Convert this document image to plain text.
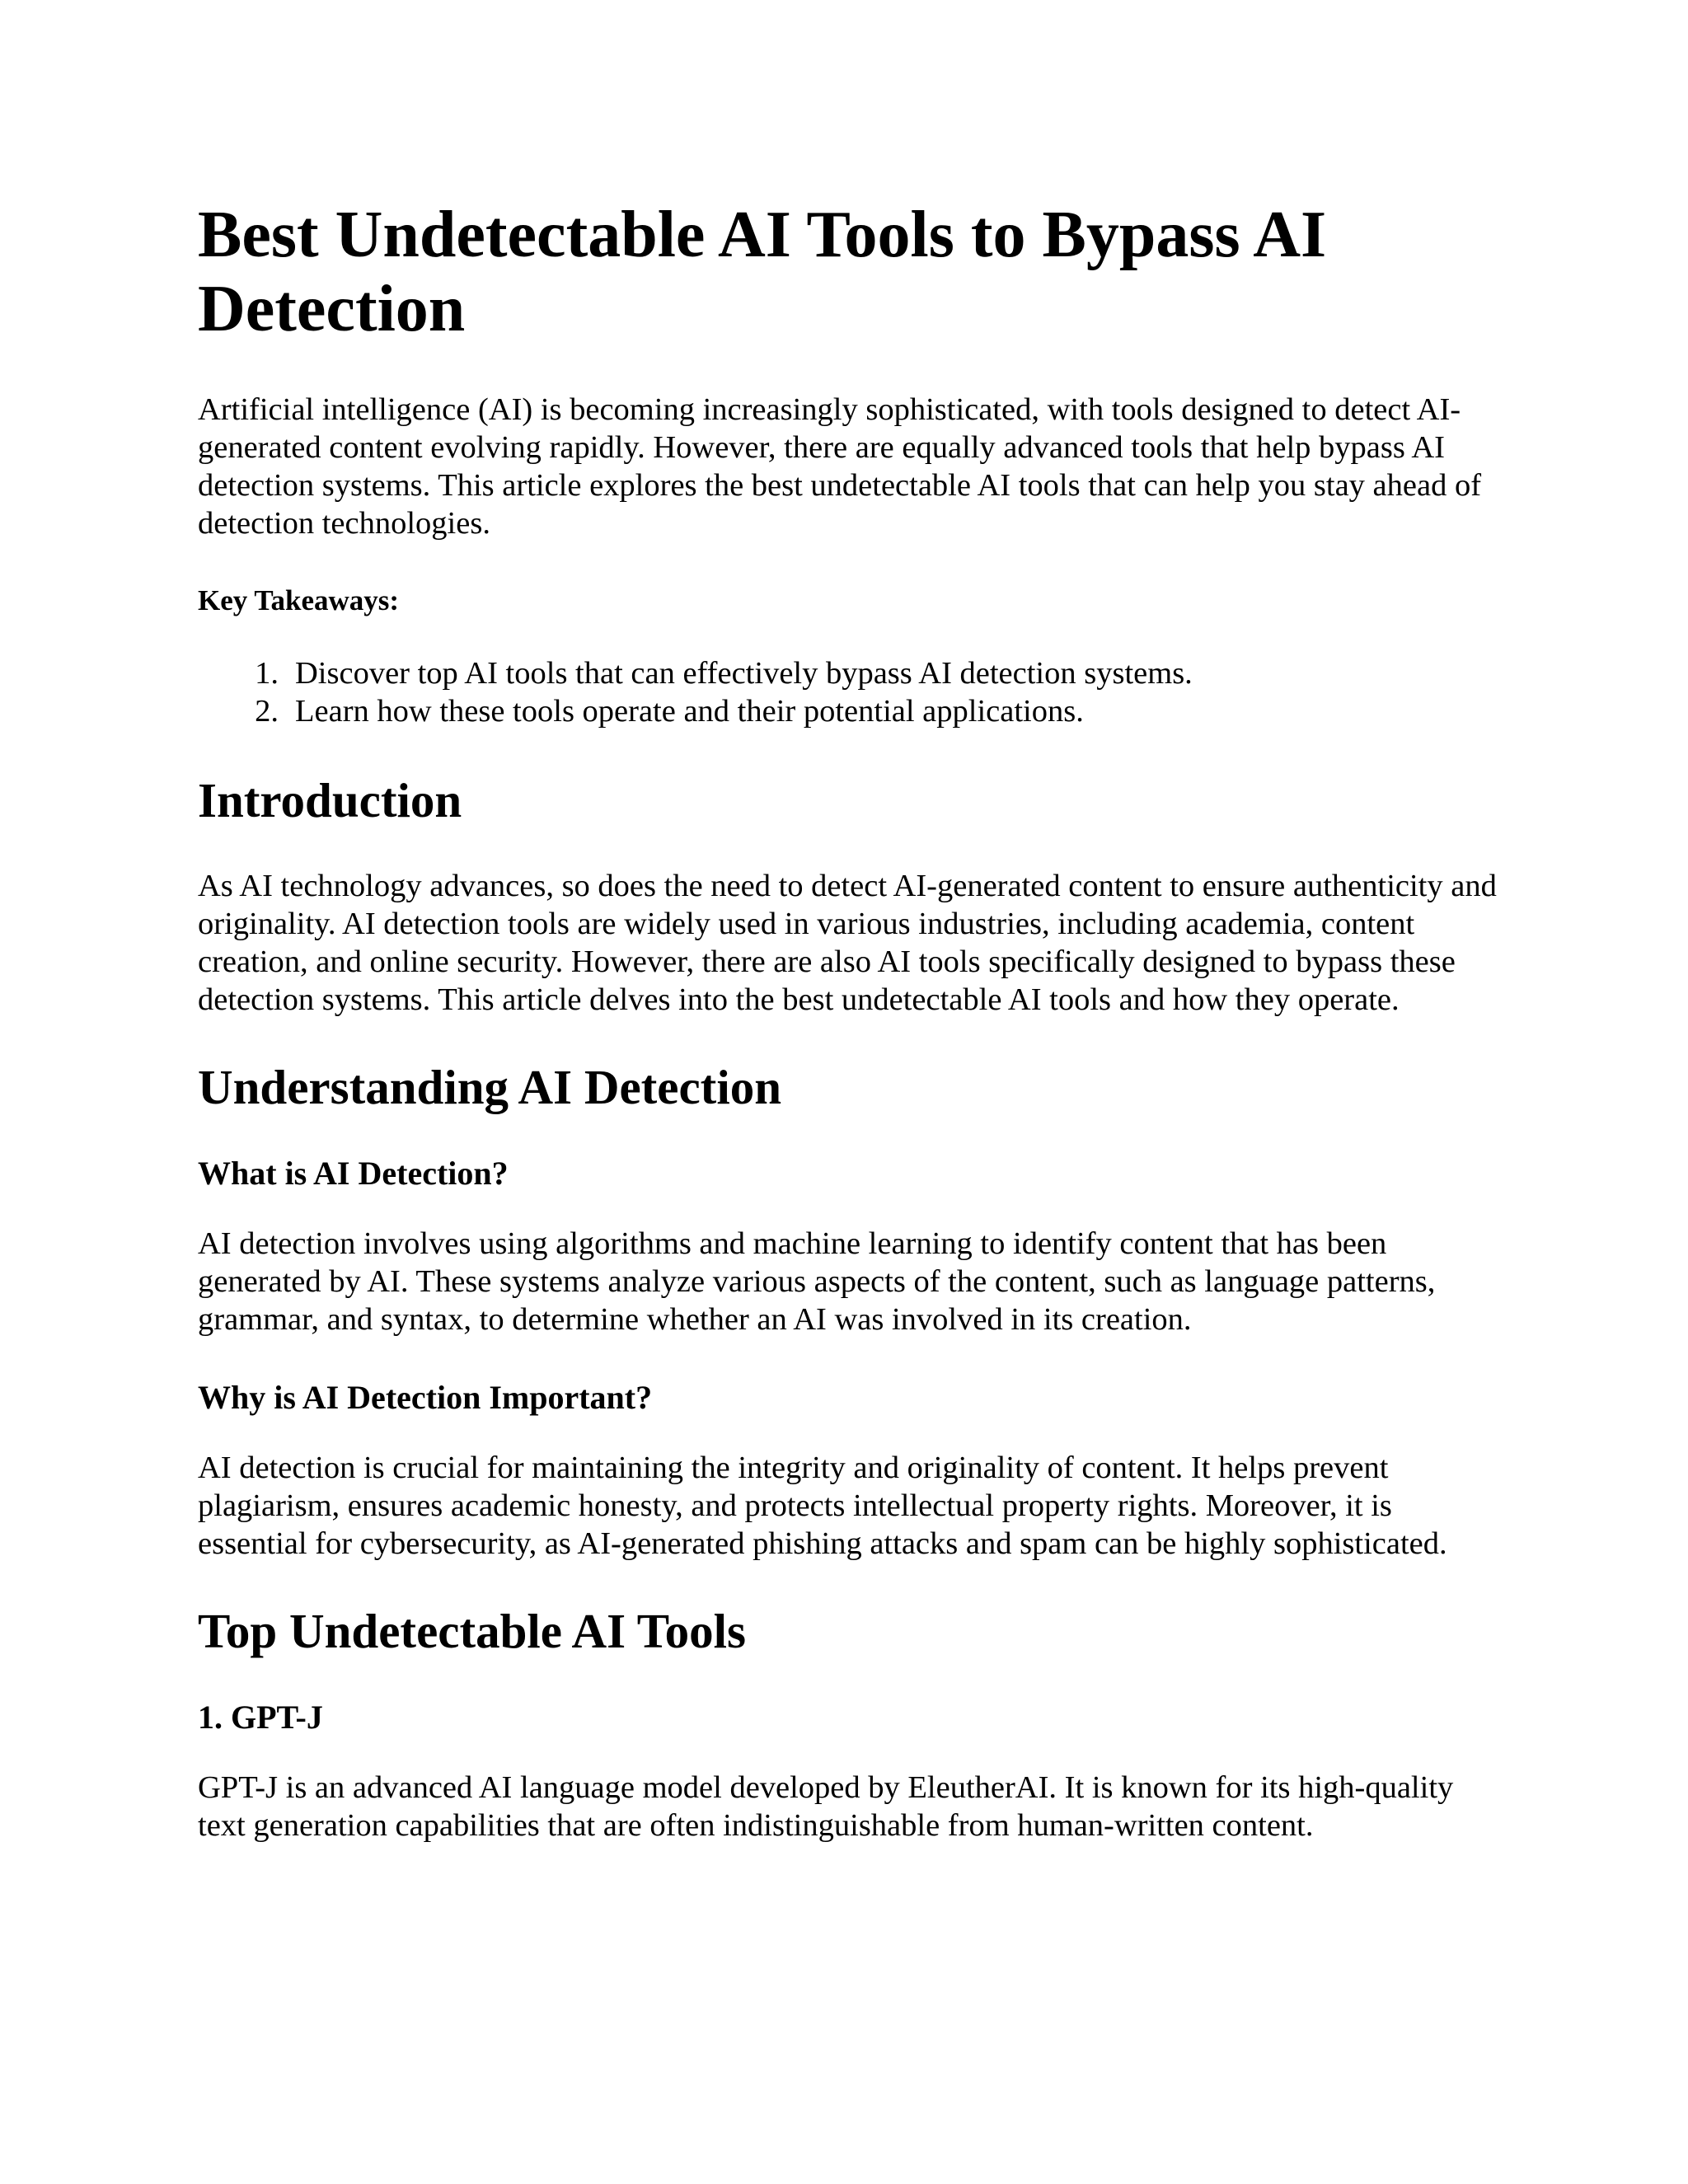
Best Undetectable AI Tools to Bypass AI Detection

Artificial intelligence (AI) is becoming increasingly sophisticated, with tools designed to detect AI-generated content evolving rapidly. However, there are equally advanced tools that help bypass AI detection systems. This article explores the best undetectable AI tools that can help you stay ahead of detection technologies.

Key Takeaways:

1. Discover top AI tools that can effectively bypass AI detection systems.
2. Learn how these tools operate and their potential applications.
Introduction

As AI technology advances, so does the need to detect AI-generated content to ensure authenticity and originality. AI detection tools are widely used in various industries, including academia, content creation, and online security. However, there are also AI tools specifically designed to bypass these detection systems. This article delves into the best undetectable AI tools and how they operate.

Understanding AI Detection
What is AI Detection?

AI detection involves using algorithms and machine learning to identify content that has been generated by AI. These systems analyze various aspects of the content, such as language patterns, grammar, and syntax, to determine whether an AI was involved in its creation.

Why is AI Detection Important?

AI detection is crucial for maintaining the integrity and originality of content. It helps prevent plagiarism, ensures academic honesty, and protects intellectual property rights. Moreover, it is essential for cybersecurity, as AI-generated phishing attacks and spam can be highly sophisticated.

Top Undetectable AI Tools
1. GPT-J

GPT-J is an advanced AI language model developed by EleutherAI. It is known for its high-quality text generation capabilities that are often indistinguishable from human-written content.
